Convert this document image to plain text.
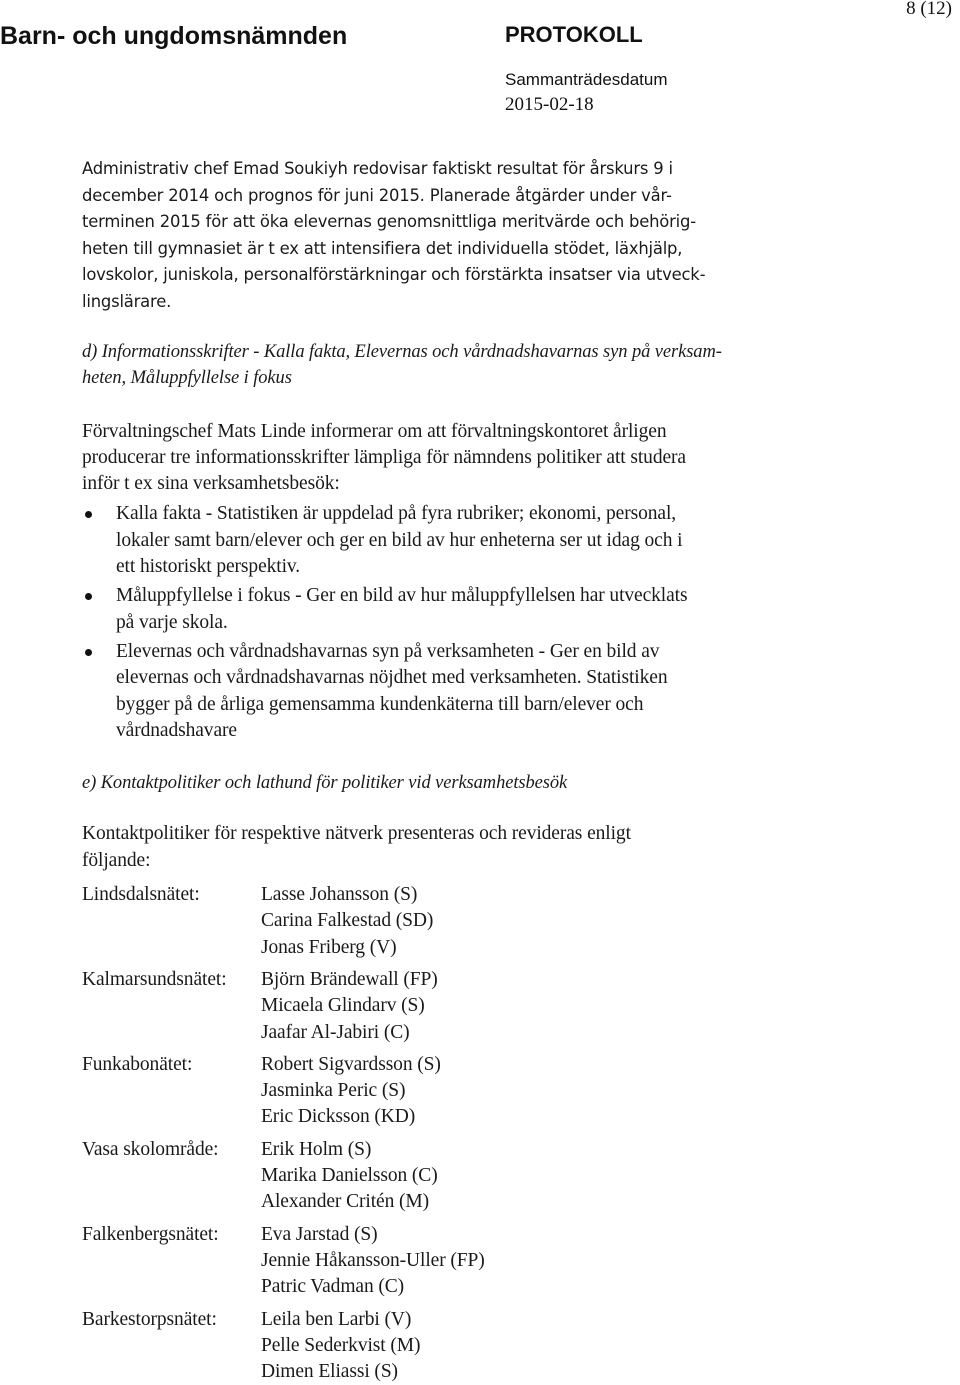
Barn- och ungdomsnämnden	PROTOKOLL
Sammanträdesdatum
2015-02-18
8 (12)
Administrativ chef Emad Soukiyh redovisar faktiskt resultat för årskurs 9 i
december 2014 och prognos för juni 2015. Planerade åtgärder under vår-
terminen 2015 för att öka elevernas genomsnittliga meritvärde och behörig-
heten till gymnasiet är t ex att intensifiera det individuella stödet, läxhjälp,
lovskolor, juniskola, personalförstärkningar och förstärkta insatser via utveck-
lingslärare.
d) Informationsskrifter - Kalla fakta, Elevernas och vårdnadshavarnas syn på verksam-
heten, Måluppfyllelse i fokus
Förvaltningschef Mats Linde informerar om att förvaltningskontoret årligen
producerar tre informationsskrifter lämpliga för nämndens politiker att studera
inför t ex sina verksamhetsbesök:
Kalla fakta - Statistiken är uppdelad på fyra rubriker; ekonomi, personal,
lokaler samt barn/elever och ger en bild av hur enheterna ser ut idag och i
ett historiskt perspektiv.
Måluppfyllelse i fokus - Ger en bild av hur måluppfyllelsen har utvecklats
på varje skola.
Elevernas och vårdnadshavarnas syn på verksamheten - Ger en bild av
elevernas och vårdnadshavarnas nöjdhet med verksamheten. Statistiken
bygger på de årliga gemensamma kundenkäterna till barn/elever och
vårdnadshavare
e) Kontaktpolitiker och lathund för politiker vid verksamhetsbesök
Kontaktpolitiker för respektive nätverk presenteras och revideras enligt
följande:
Lindsdalsnätet:	Lasse Johansson (S)
Carina Falkestad (SD)
Jonas Friberg (V)
Kalmarsundsnätet:	Björn Brändewall (FP)
Micaela Glindarv (S)
Jaafar Al-Jabiri (C)
Funkabonätet:	Robert Sigvardsson (S)
Jasminka Peric (S)
Eric Dicksson (KD)
Vasa skolområde:	Erik Holm (S)
Marika Danielsson (C)
Alexander Critén (M)
Falkenbergsnätet:	Eva Jarstad (S)
Jennie Håkansson-Uller (FP)
Patric Vadman (C)
Barkestorpsnätet:	Leila ben Larbi (V)
Pelle Sederkvist (M)
Dimen Eliassi (S)
